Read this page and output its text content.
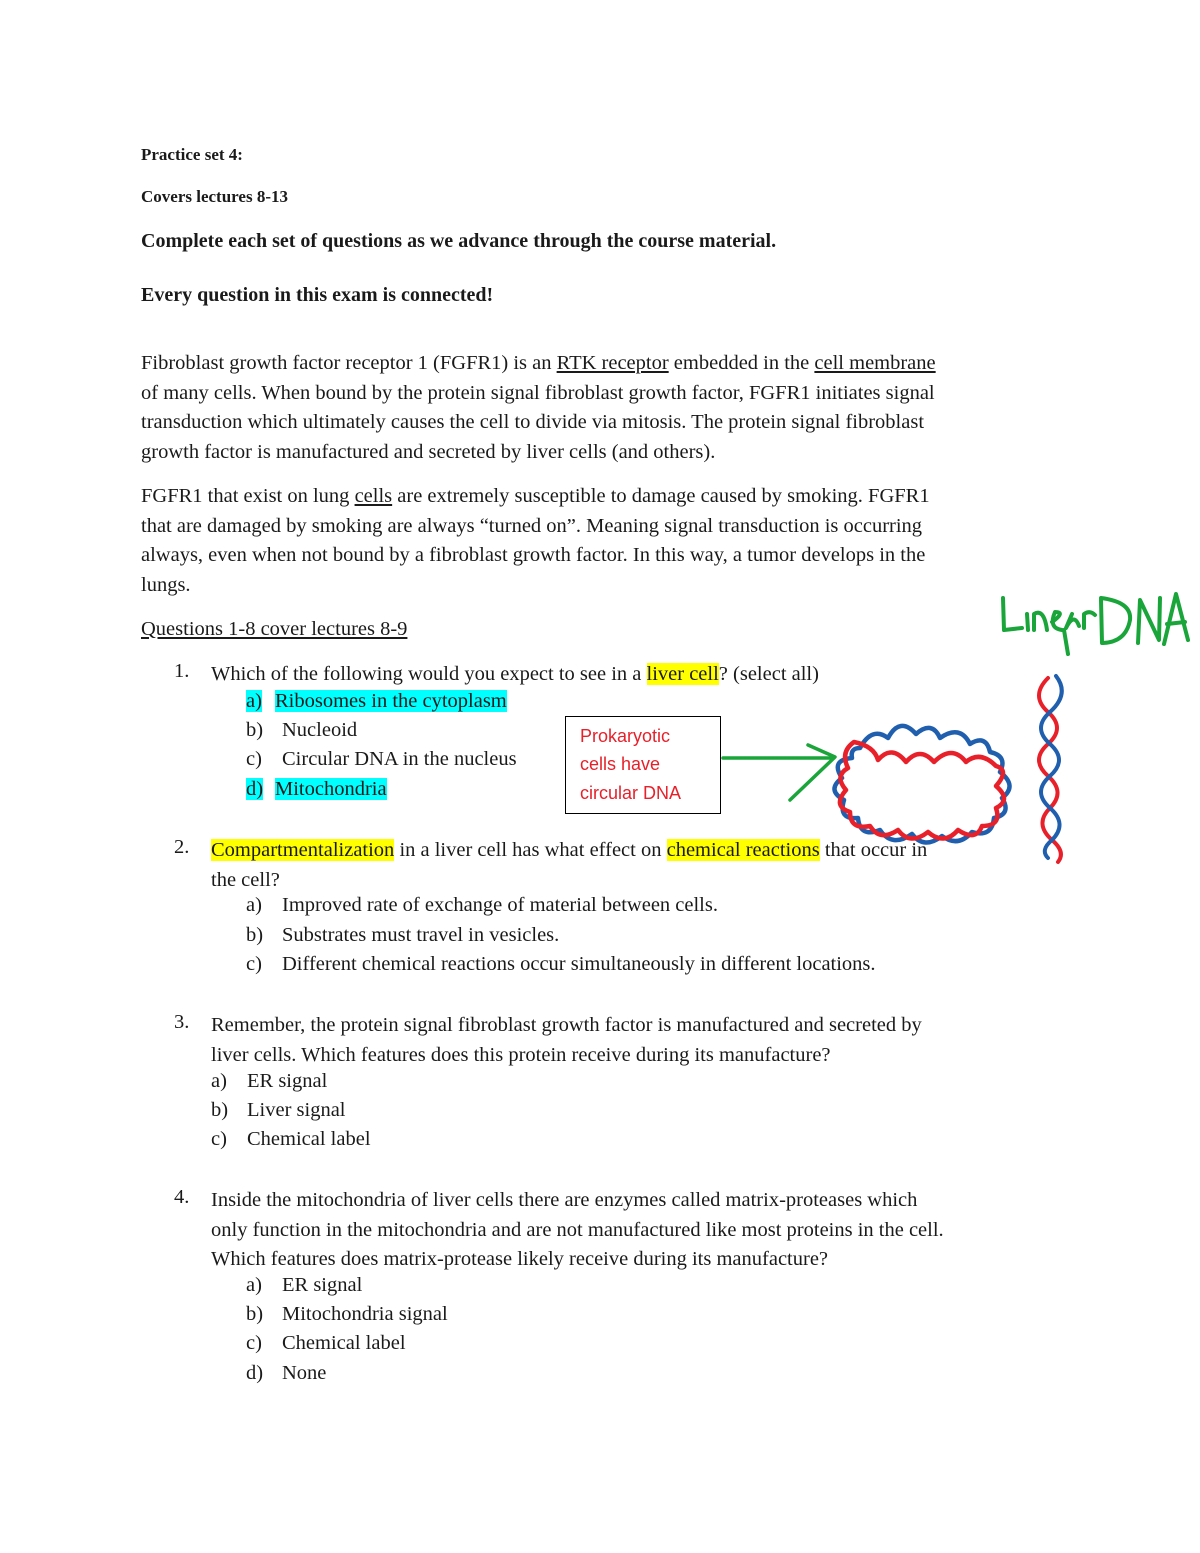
Practice set 4:
Covers lectures 8-13
Complete each set of questions as we advance through the course material.
Every question in this exam is connected!
Fibroblast growth factor receptor 1 (FGFR1) is an RTK receptor embedded in the cell membrane
of many cells. When bound by the protein signal fibroblast growth factor, FGFR1 initiates signal
transduction which ultimately causes the cell to divide via mitosis. The protein signal fibroblast
growth factor is manufactured and secreted by liver cells (and others).
FGFR1 that exist on lung cells are extremely susceptible to damage caused by smoking. FGFR1
that are damaged by smoking are always “turned on”. Meaning signal transduction is occurring
always, even when not bound by a fibroblast growth factor. In this way, a tumor develops in the
lungs.
Questions 1-8 cover lectures 8-9
1. Which of the following would you expect to see in a liver cell? (select all)
a) Ribosomes in the cytoplasm
b) Nucleoid
c) Circular DNA in the nucleus
d) Mitochondria
2. Compartmentalization in a liver cell has what effect on chemical reactions that occur in
the cell?
a) Improved rate of exchange of material between cells.
b) Substrates must travel in vesicles.
c) Different chemical reactions occur simultaneously in different locations.
3. Remember, the protein signal fibroblast growth factor is manufactured and secreted by
liver cells. Which features does this protein receive during its manufacture?
a) ER signal
b) Liver signal
c) Chemical label
4. Inside the mitochondria of liver cells there are enzymes called matrix-proteases which
only function in the mitochondria and are not manufactured like most proteins in the cell.
Which features does matrix-protease likely receive during its manufacture?
a) ER signal
b) Mitochondria signal
c) Chemical label
d) None
Prokaryotic
cells have
circular DNA
